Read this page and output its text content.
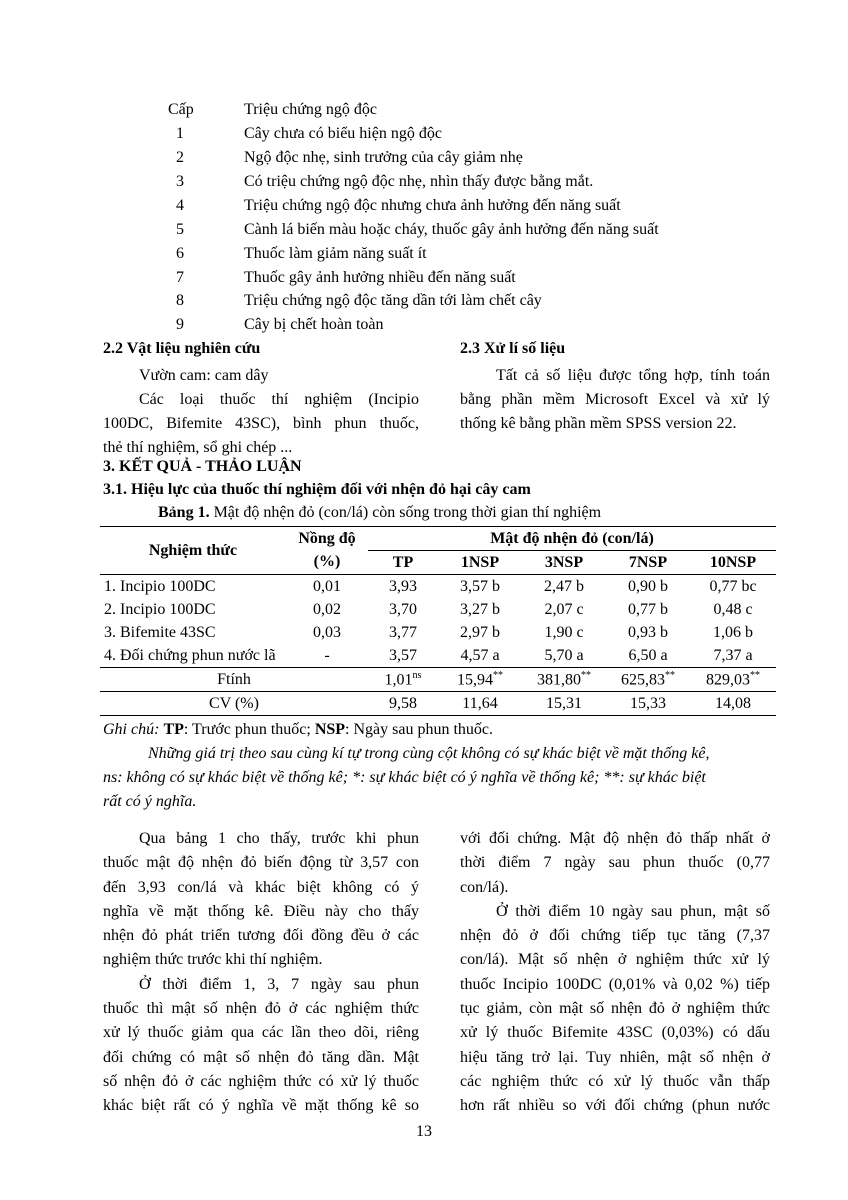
Cấp	Triệu chứng ngộ độc
1	Cây chưa có biểu hiện ngộ độc
2	Ngộ độc nhẹ, sinh trưởng của cây giảm nhẹ
3	Có triệu chứng ngộ độc nhẹ, nhìn thấy được bằng mắt.
4	Triệu chứng ngộ độc nhưng chưa ảnh hưởng đến năng suất
5	Cành lá biến màu hoặc cháy, thuốc gây ảnh hưởng đến năng suất
6	Thuốc làm giảm năng suất ít
7	Thuốc gây ảnh hưởng nhiều đến năng suất
8	Triệu chứng ngộ độc tăng dần tới làm chết cây
9	Cây bị chết hoàn toàn
2.2 Vật liệu nghiên cứu
Vườn cam: cam dây
Các loại thuốc thí nghiệm (Incipio
100DC, Bifemite 43SC), bình phun thuốc,
thẻ thí nghiệm, sổ ghi chép ...
2.3 Xử lí số liệu
Tất cả số liệu được tổng hợp, tính toán
bằng phần mềm Microsoft Excel và xử lý
thống kê bằng phần mềm SPSS version 22.
3. KẾT QUẢ - THẢO LUẬN
3.1. Hiệu lực của thuốc thí nghiệm đối với nhện đỏ hại cây cam
Bảng 1. Mật độ nhện đỏ (con/lá) còn sống trong thời gian thí nghiệm
Nghiệm thức	Nồng độ	Mật độ nhện đỏ (con/lá)				
	(%)	TP	1NSP	3NSP	7NSP	10NSP
1. Incipio 100DC	0,01	3,93	3,57 b	2,47 b	0,90 b	0,77 bc
2. Incipio 100DC	0,02	3,70	3,27 b	2,07 c	0,77 b	0,48 c
3. Bifemite 43SC	0,03	3,77	2,97 b	1,90 c	0,93 b	1,06 b
4. Đối chứng phun nước lã	-	3,57	4,57 a	5,70 a	6,50 a	7,37 a
Ftính		$1,01^{ns}$	15,94**	381,80**	625,83**	829,03**
CV (%)		9,58	11,64	15,31	15,33	14,08
Ghi chú: TP: Trước phun thuốc; NSP: Ngày sau phun thuốc.
Những giá trị theo sau cùng kí tự trong cùng cột không có sự khác biệt về mặt thống kê,
ns: không có sự khác biệt về thống kê; *: sự khác biệt có ý nghĩa về thống kê; **: sự khác biệt
rất có ý nghĩa.
Qua bảng 1 cho thấy, trước khi phun
thuốc mật độ nhện đỏ biến động từ 3,57 con
đến 3,93 con/lá và khác biệt không có ý
nghĩa về mặt thống kê. Điều này cho thấy
nhện đỏ phát triển tương đối đồng đều ở các
nghiệm thức trước khi thí nghiệm.
Ở thời điểm 1, 3, 7 ngày sau phun
thuốc thì mật số nhện đỏ ở các nghiệm thức
xử lý thuốc giảm qua các lần theo dõi, riêng
đối chứng có mật số nhện đỏ tăng dần. Mật
số nhện đỏ ở các nghiệm thức có xử lý thuốc
khác biệt rất có ý nghĩa về mặt thống kê so
với đối chứng. Mật độ nhện đỏ thấp nhất ở
thời điểm 7 ngày sau phun thuốc (0,77
con/lá).
Ở thời điểm 10 ngày sau phun, mật số
nhện đỏ ở đối chứng tiếp tục tăng (7,37
con/lá). Mật số nhện ở nghiệm thức xử lý
thuốc Incipio 100DC (0,01% và 0,02 %) tiếp
tục giảm, còn mật số nhện đỏ ở nghiệm thức
xử lý thuốc Bifemite 43SC (0,03%) có dấu
hiệu tăng trở lại. Tuy nhiên, mật số nhện ở
các nghiệm thức có xử lý thuốc vẫn thấp
hơn rất nhiều so với đối chứng (phun nước
13
